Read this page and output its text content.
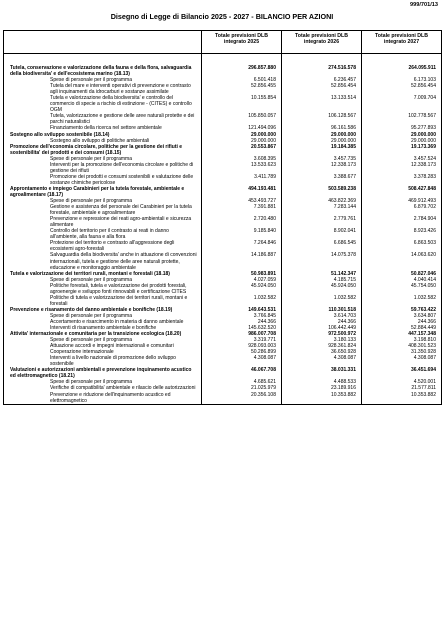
999/701/13
Disegno di Legge di Bilancio 2025 - 2027 - BILANCIO PER AZIONI
	Totale previsioni DLB integrato 2025	Totale previsioni DLB integrato 2026	Totale previsioni DLB integrato 2027

Tutela, conservazione e valorizzazione della fauna e della flora, salvaguardia della biodiversita' e dell'ecosistema marino (18.13)	296.857.880	274.516.578	264.095.911
Spese di personale per il programma	6.501.418	6.236.457	6.173.103
Tutela del mare e interventi operativi di prevenzione e contrasto agli inquinamenti da idrocarburi e sostanze assimilate	52.856.455	52.856.454	52.856.454
Tutela e valorizzazione della biodiversita' e controllo del commercio di specie a rischio di estinzione - (CITES) e controllo OGM	10.155.854	13.133.514	7.009.704
Tutela, valorizzazione e gestione delle aree naturali protette e dei parchi naturalistici	105.850.057	106.128.567	102.778.567
Finanziamento della ricerca nel settore ambientale	121.494.096	96.161.586	95.277.893
Sostegno allo sviluppo sostenibile (18.14)	29.000.000	29.000.000	29.000.000
Sostegno allo sviluppo di politiche ambientali	29.000.000	29.000.000	29.000.000
Promozione dell'economia circolare, politiche per la gestione dei rifiuti e sostenibilita' dei prodotti e dei consumi (18.15)	20.553.867	19.184.385	19.173.369
Spese di personale per il programma	3.608.395	3.457.735	3.457.524
Interventi per la promozione dell'economia circolare e politiche di gestione dei rifiuti	13.533.623	12.338.173	12.338.173
Promozione dei prodotti e consumi sostenibili e valutazione delle sostanze chimiche pericolose	3.411.789	3.388.677	3.378.283
Approntamento e impiego Carabinieri per la tutela forestale, ambientale e agroalimentare (18.17)	494.193.481	503.589.238	508.427.848
Spese di personale per il programma	453.493.727	463.822.369	469.912.493
Gestione e assistenza del personale dei Carabinieri per la tutela forestale, ambientale e agroalimentare	7.391.881	7.283.144	6.879.702
Prevenzione e repressione dei reati agro-ambientali e sicurezza alimentare	2.720.480	2.779.761	2.784.904
Controllo del territorio per il contrasto ai reati in danno all'ambiente, alla fauna e alla flora	9.185.840	8.902.041	8.923.426
Protezione del territorio e contrasto all'aggressione degli ecosistemi agro-forestali	7.264.846	6.686.545	6.863.503
Salvaguardia della biodiversita' anche in attuazione di convenzioni internazionali, tutela e gestione delle aree naturali protette, educazione e monitoraggio ambientale	14.186.887	14.075.378	14.063.620
Tutela e valorizzazione dei territori rurali, montani e forestali (18.18)	50.983.891	51.142.347	50.827.046
Spese di personale per il programma	4.027.059	4.185.715	4.040.414
Politiche forestali, tutela e valorizzazione dei prodotti forestali, agroenergie e sviluppo fonti rinnovabili e certificazione CITES	45.924.050	45.924.050	45.754.050
Politiche di tutela e valorizzazione dei territori rurali, montani e forestali	1.032.582	1.032.582	1.032.582
Prevenzione e risanamento del danno ambientale e bonifiche (18.19)	149.643.531	110.301.518	59.763.422
Spese di personale per il programma	3.766.845	3.614.703	3.634.807
Accertamento e risarcimento in materia di danno ambientale	244.366	244.366	244.366
Interventi di risanamento ambientale e bonifiche	145.632.520	106.442.449	52.884.449
Attivita' internazionale e comunitaria per la transizione ecologica (18.20)	986.007.708	972.500.972	447.157.348
Spese di personale per il programma	3.319.771	3.180.133	3.198.810
Attuazione accordi e impegni internazionali e comunitari	928.093.003	928.361.824	408.301.523
Cooperazione internazionale	50.286.899	36.650.928	31.350.928
Interventi a livello nazionale di promozione dello sviluppo sostenibile	4.308.087	4.308.087	4.308.087
Valutazioni e autorizzazioni ambientali e prevenzione inquinamento acustico ed elettromagnetico (18.21)	46.067.708	38.031.331	36.451.694
Spese di personale per il programma	4.685.621	4.488.533	4.520.001
Verifiche di compatibilita' ambientale e rilascio delle autorizzazioni	21.025.979	23.189.916	21.577.811
Prevenzione e riduzione dell'inquinamento acustico ed elettromagnetico	20.356.108	10.353.882	10.353.882
